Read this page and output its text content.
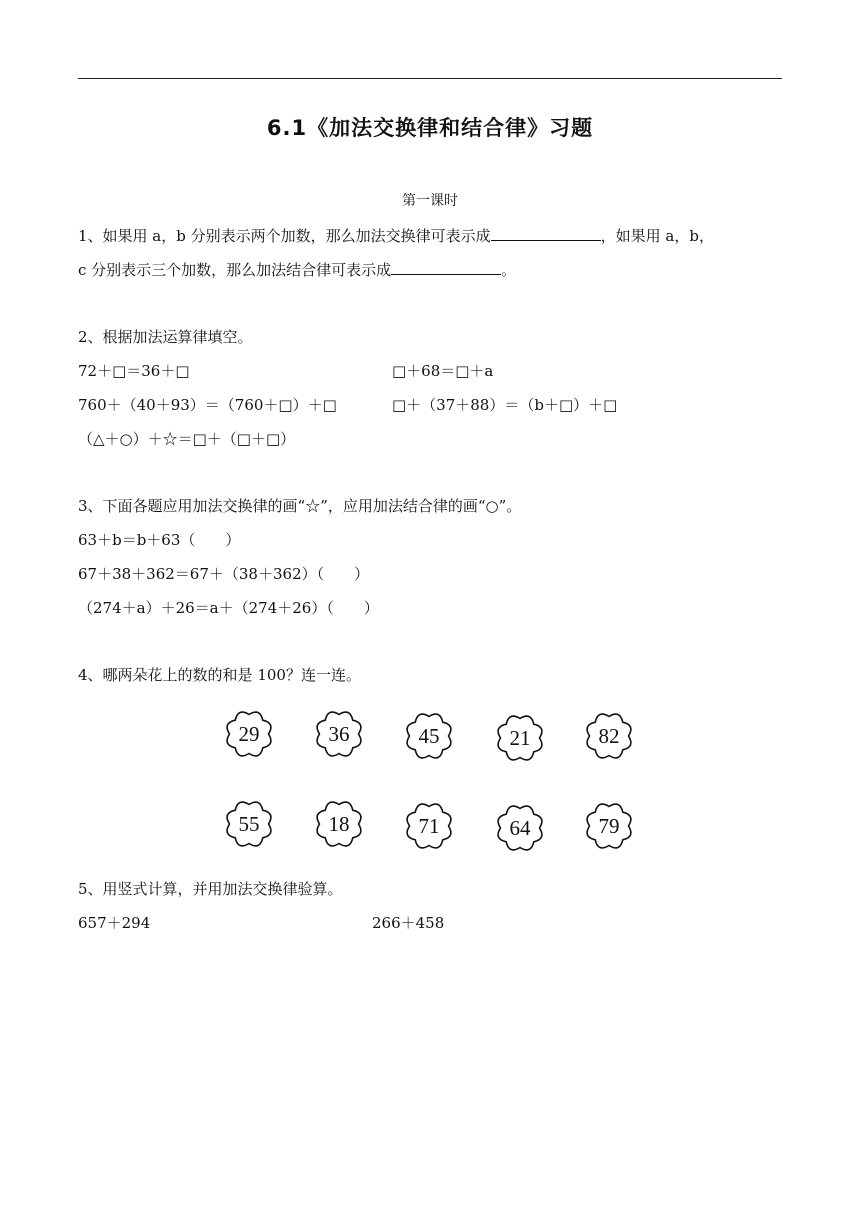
6.1《加法交换律和结合律》习题
第一课时
1、如果用 a，b 分别表示两个加数，那么加法交换律可表示成	，如果用 a，b，
c 分别表示三个加数，那么加法结合律可表示成	。
2、根据加法运算律填空。
72＋□＝36＋□	□＋68＝□＋a
760＋（40＋93）＝（760＋□）＋□	□＋（37＋88）＝（b＋□）＋□
（△＋○）＋☆＝□＋（□＋□）
3、下面各题应用加法交换律的画“☆”，应用加法结合律的画“○”。
63＋b＝b＋63（　　）
67＋38＋362＝67＋（38＋362）（　　）
（274＋a）＋26＝a＋（274＋26）（　　）
4、哪两朵花上的数的和是 100？连一连。
29	36	45	21	82
55	18	71	64	79
5、用竖式计算，并用加法交换律验算。
657＋294	266＋458
